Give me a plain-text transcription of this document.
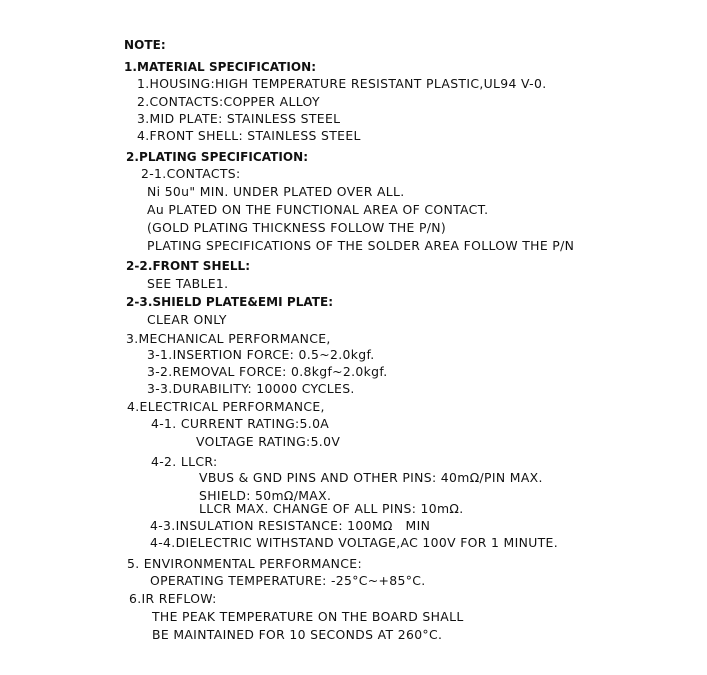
NOTE:
1.MATERIAL SPECIFICATION:
1.HOUSING:HIGH TEMPERATURE RESISTANT PLASTIC,UL94 V-0.
2.CONTACTS:COPPER ALLOY
3.MID PLATE: STAINLESS STEEL
4.FRONT SHELL: STAINLESS STEEL
2.PLATING SPECIFICATION:
2-1.CONTACTS:
Ni 50u" MIN. UNDER PLATED OVER ALL.
Au PLATED ON THE FUNCTIONAL AREA OF CONTACT.
(GOLD PLATING THICKNESS FOLLOW THE P/N)
PLATING SPECIFICATIONS OF THE SOLDER AREA FOLLOW THE P/N
2-2.FRONT SHELL:
SEE TABLE1.
2-3.SHIELD PLATE&EMI PLATE:
CLEAR ONLY
3.MECHANICAL PERFORMANCE,
3-1.INSERTION FORCE: 0.5~2.0kgf.
3-2.REMOVAL FORCE: 0.8kgf~2.0kgf.
3-3.DURABILITY: 10000 CYCLES.
4.ELECTRICAL PERFORMANCE,
4-1. CURRENT RATING:5.0A
VOLTAGE RATING:5.0V
4-2. LLCR:
VBUS & GND PINS AND OTHER PINS: 40mΩ/PIN MAX.
SHIELD: 50mΩ/MAX.
LLCR MAX. CHANGE OF ALL PINS: 10mΩ.
4-3.INSULATION RESISTANCE: 100MΩ   MIN
4-4.DIELECTRIC WITHSTAND VOLTAGE,AC 100V FOR 1 MINUTE.
5. ENVIRONMENTAL PERFORMANCE:
OPERATING TEMPERATURE: -25°C~+85°C.
6.IR REFLOW:
THE PEAK TEMPERATURE ON THE BOARD SHALL
BE MAINTAINED FOR 10 SECONDS AT 260°C.
